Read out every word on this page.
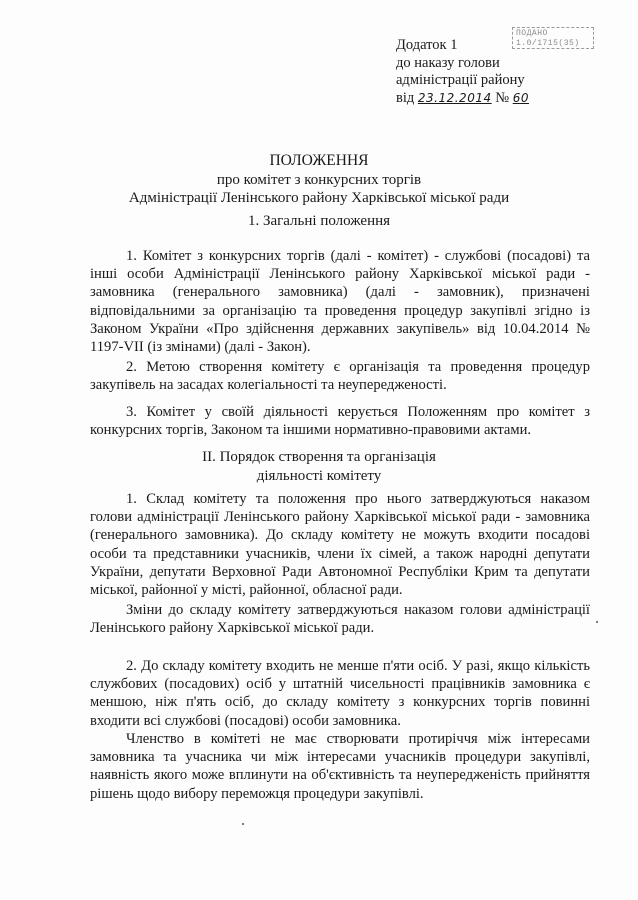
ПОДАНО
1.0/1715(35)
Додаток 1
до наказу голови
адміністрації району
від 23.12.2014 № 60
ПОЛОЖЕННЯ
про комітет з конкурсних торгів
Адміністрації Ленінського району Харківської міської ради
1. Загальні положення
1. Комітет з конкурсних торгів (далі - комітет) - службові (посадові) та інші особи Адміністрації Ленінського району Харківської міської ради - замовника (генерального замовника) (далі - замовник), призначені відповідальними за організацію та проведення процедур закупівлі згідно із Законом України «Про здійснення державних закупівель» від 10.04.2014 № 1197-VII (із змінами) (далі - Закон).
2. Метою створення комітету є організація та проведення процедур закупівель на засадах колегіальності та неупередженості.
3. Комітет у своїй діяльності керується Положенням про комітет з конкурсних торгів, Законом та іншими нормативно-правовими актами.
ІІ. Порядок створення та організація
діяльності комітету
1. Склад комітету та положення про нього затверджуються наказом голови адміністрації Ленінського району Харківської міської ради - замовника (генерального замовника). До складу комітету не можуть входити посадові особи та представники учасників, члени їх сімей, а також народні депутати України, депутати Верховної Ради Автономної Республіки Крим та депутати міської, районної у місті, районної, обласної ради.
Зміни до складу комітету затверджуються наказом голови адміністрації Ленінського району Харківської міської ради.
2. До складу комітету входить не менше п'яти осіб. У разі, якщо кількість службових (посадових) осіб у штатній чисельності працівників замовника є меншою, ніж п'ять осіб, до складу комітету з конкурсних торгів повинні входити всі службові (посадові) особи замовника.
Членство в комітеті не має створювати протиріччя між інтересами замовника та учасника чи між інтересами учасників процедури закупівлі, наявність якого може вплинути на об'єктивність та неупередженість прийняття рішень щодо вибору переможця процедури закупівлі.
